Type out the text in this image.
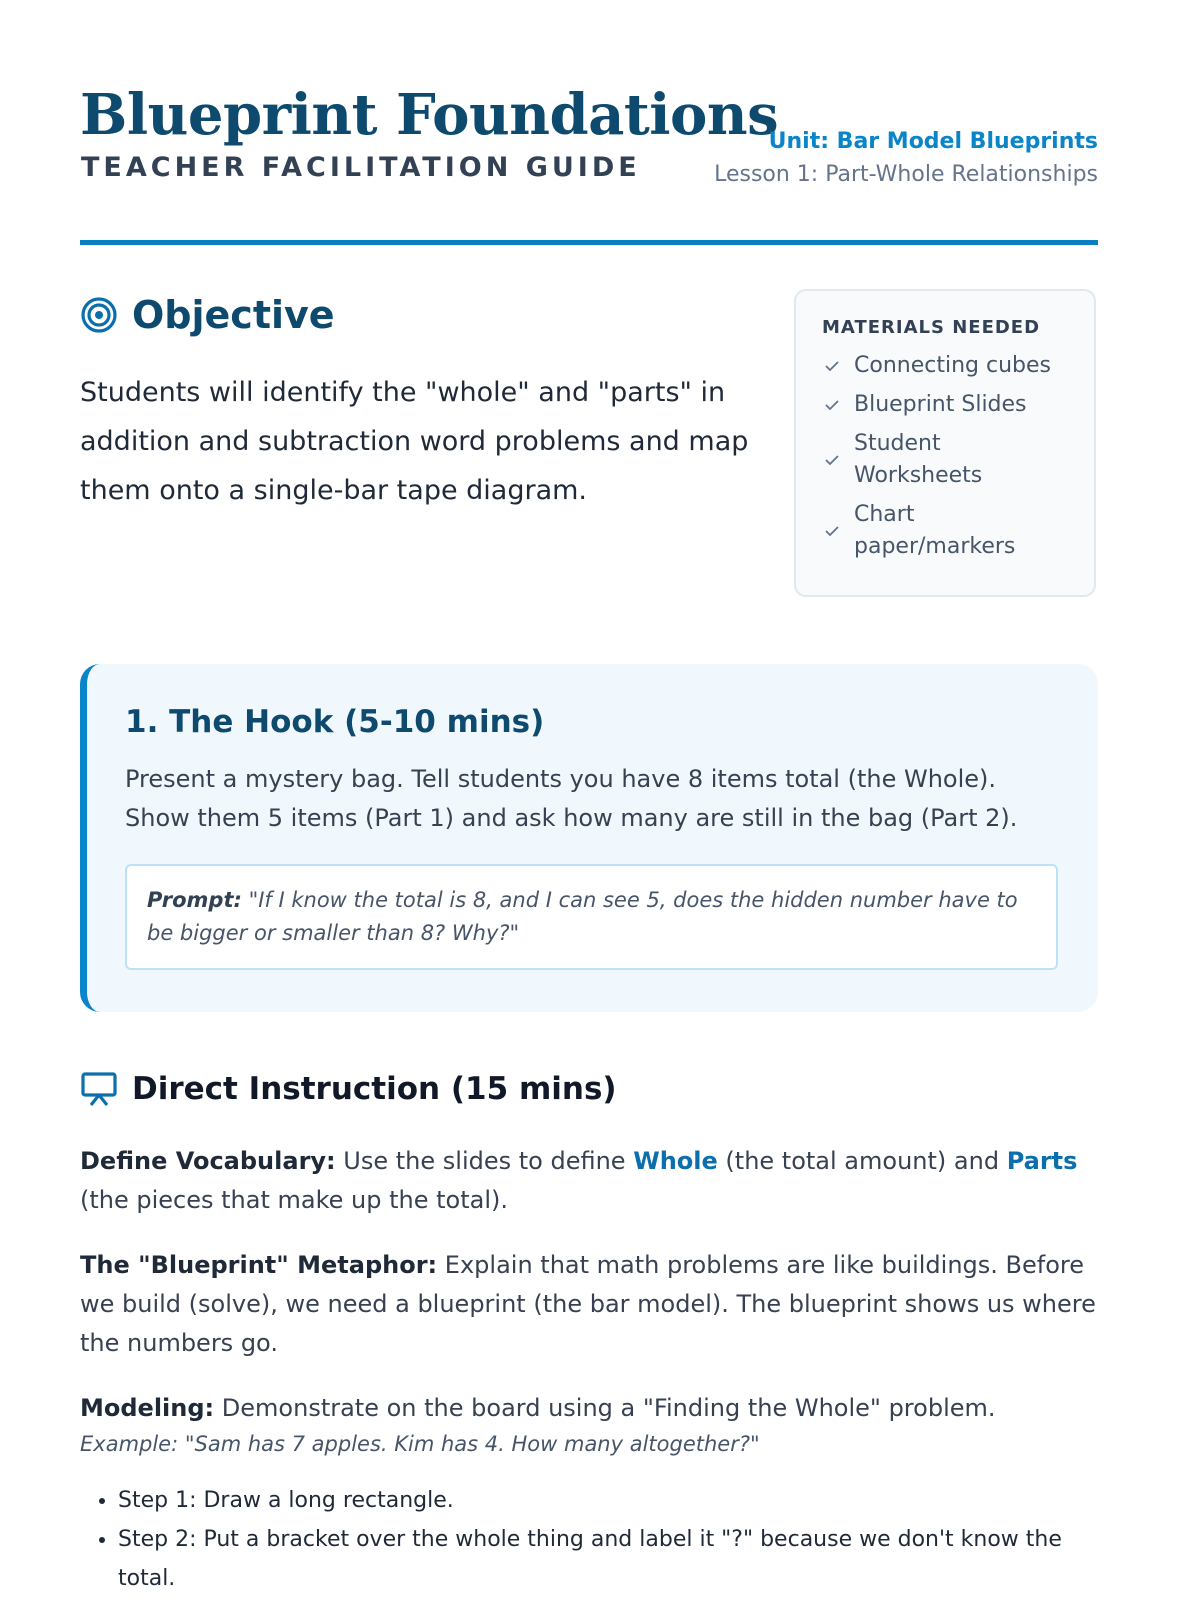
Blueprint Foundations
TEACHER FACILITATION GUIDE
Unit: Bar Model Blueprints
Lesson 1: Part-Whole Relationships
Objective

Students will identify the "whole" and "parts" in addition and subtraction word problems and map them onto a single-bar tape diagram.

MATERIALS NEEDED
Connecting cubes
Blueprint Slides
Student Worksheets
Chart paper/markers
1. The Hook (5-10 mins)

Present a mystery bag. Tell students you have 8 items total (the Whole). Show them 5 items (Part 1) and ask how many are still in the bag (Part 2).

Prompt: "If I know the total is 8, and I can see 5, does the hidden number have to be bigger or smaller than 8? Why?"
Direct Instruction (15 mins)

Define Vocabulary: Use the slides to define Whole (the total amount) and Parts (the pieces that make up the total).

The "Blueprint" Metaphor: Explain that math problems are like buildings. Before we build (solve), we need a blueprint (the bar model). The blueprint shows us where the numbers go.

Modeling: Demonstrate on the board using a "Finding the Whole" problem.

Example: "Sam has 7 apples. Kim has 4. How many altogether?"
• Step 1: Draw a long rectangle.
• Step 2: Put a bracket over the whole thing and label it "?" because we don't know the total.
